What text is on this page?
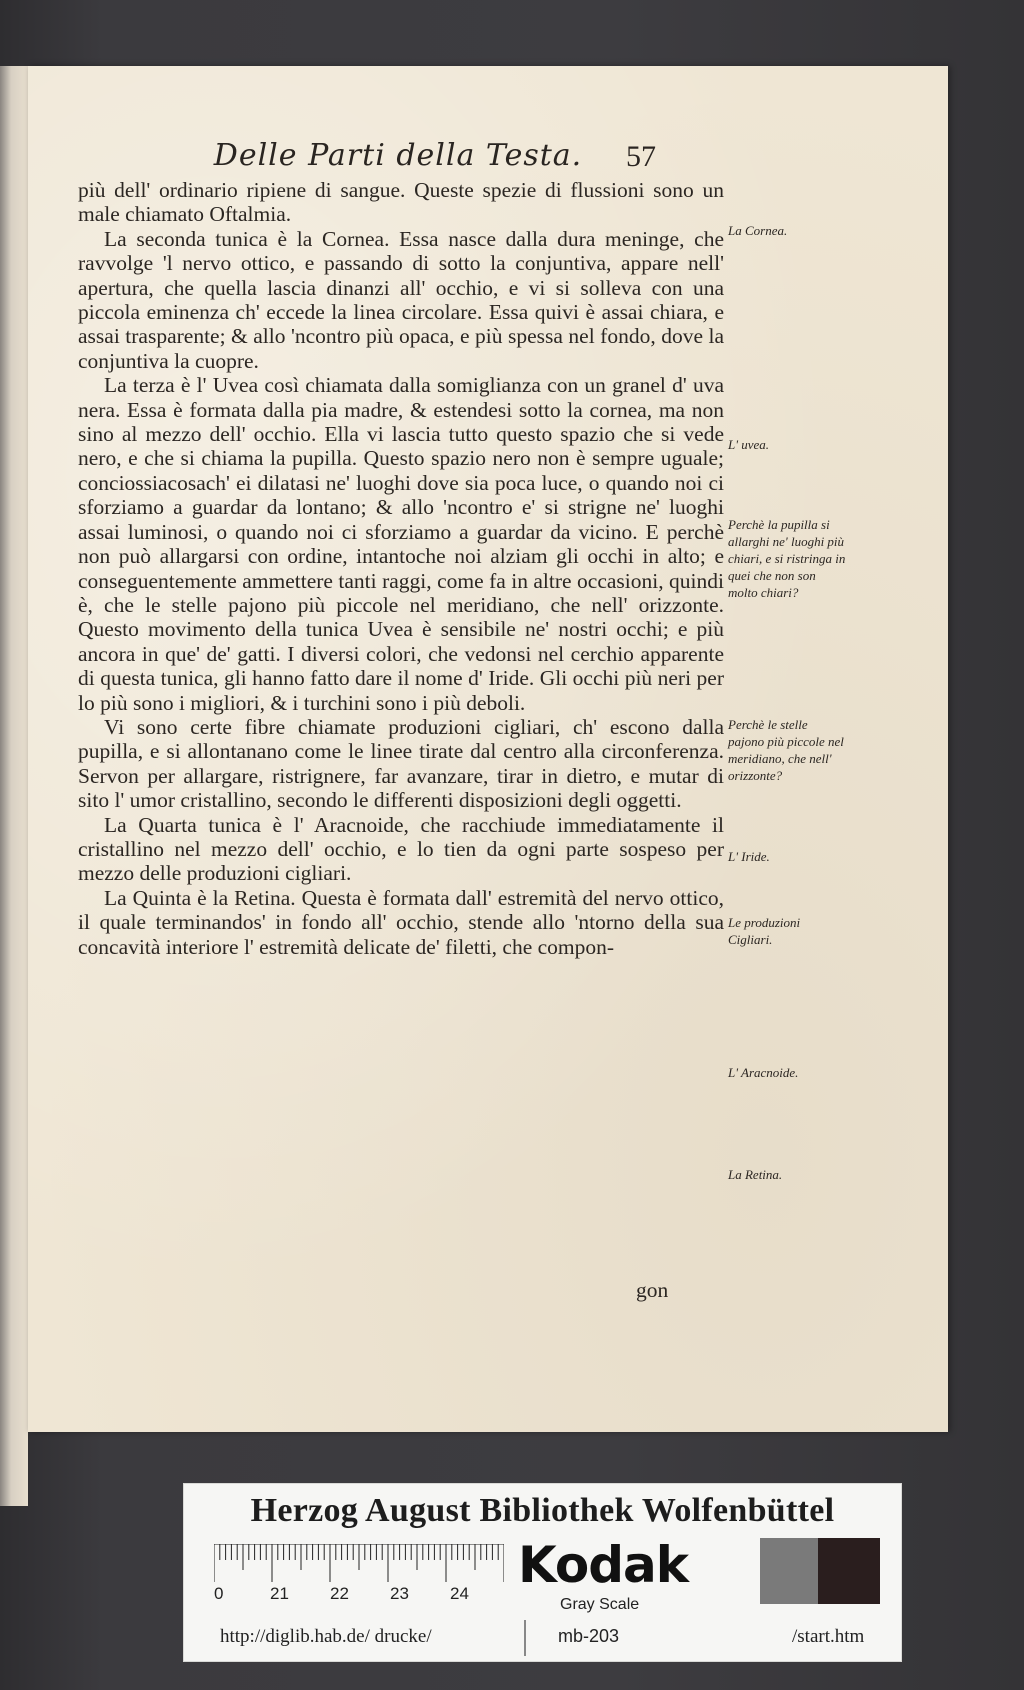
Delle Parti della Testa.	57

più dell' ordinario ripiene di sangue. Queste spezie di flussioni sono un male chiamato Oftalmia.

La seconda tunica è la Cornea. Essa nasce dalla dura meninge, che ravvolge 'l nervo ottico, e passando di sotto la conjuntiva, appare nell' apertura, che quella lascia dinanzi all' occhio, e vi si solleva con una piccola eminenza ch' eccede la linea circolare. Essa quivi è assai chiara, e assai trasparente; & allo 'ncontro più opaca, e più spessa nel fondo, dove la conjuntiva la cuopre.

La terza è l' Uvea così chiamata dalla somiglianza con un granel d' uva nera. Essa è formata dalla pia madre, & estendesi sotto la cornea, ma non sino al mezzo dell' occhio. Ella vi lascia tutto questo spazio che si vede nero, e che si chiama la pupilla. Questo spazio nero non è sempre uguale; conciossiacosach' ei dilatasi ne' luoghi dove sia poca luce, o quando noi ci sforziamo a guardar da lontano; & allo 'ncontro e' si strigne ne' luoghi assai luminosi, o quando noi ci sforziamo a guardar da vicino. E perchè non può allargarsi con ordine, intantoche noi alziam gli occhi in alto; e conseguentemente ammettere tanti raggi, come fa in altre occasioni, quindi è, che le stelle pajono più piccole nel meridiano, che nell' orizzonte. Questo movimento della tunica Uvea è sensibile ne' nostri occhi; e più ancora in que' de' gatti. I diversi colori, che vedonsi nel cerchio apparente di questa tunica, gli hanno fatto dare il nome d' Iride. Gli occhi più neri per lo più sono i migliori, & i turchini sono i più deboli.

Vi sono certe fibre chiamate produzioni cigliari, ch' escono dalla pupilla, e si allontanano come le linee tirate dal centro alla circonferenza. Servon per allargare, ristrignere, far avanzare, tirar in dietro, e mutar di sito l' umor cristallino, secondo le differenti disposizioni degli oggetti.

La Quarta tunica è l' Aracnoide, che racchiude immediatamente il cristallino nel mezzo dell' occhio, e lo tien da ogni parte sospeso per mezzo delle produzioni cigliari.

La Quinta è la Retina. Questa è formata dall' estremità del nervo ottico, il quale terminandos' in fondo all' occhio, stende allo 'ntorno della sua concavità interiore l' estremità delicate de' filetti, che compon-

gon
La Cornea.
L' uvea.
Perchè la pupilla si allarghi ne' luoghi più chiari, e si ristringa in quei che non son molto chiari?
Perchè le stelle pajono più piccole nel meridiano, che nell' orizzonte?
L' Iride.
Le produzioni Cigliari.
L' Aracnoide.
La Retina.
Herzog August Bibliothek Wolfenbüttel
0	21 22 23 24 Kodak
Gray Scale
http://diglib.hab.de/ drucke/	mb-203	/start.htm
